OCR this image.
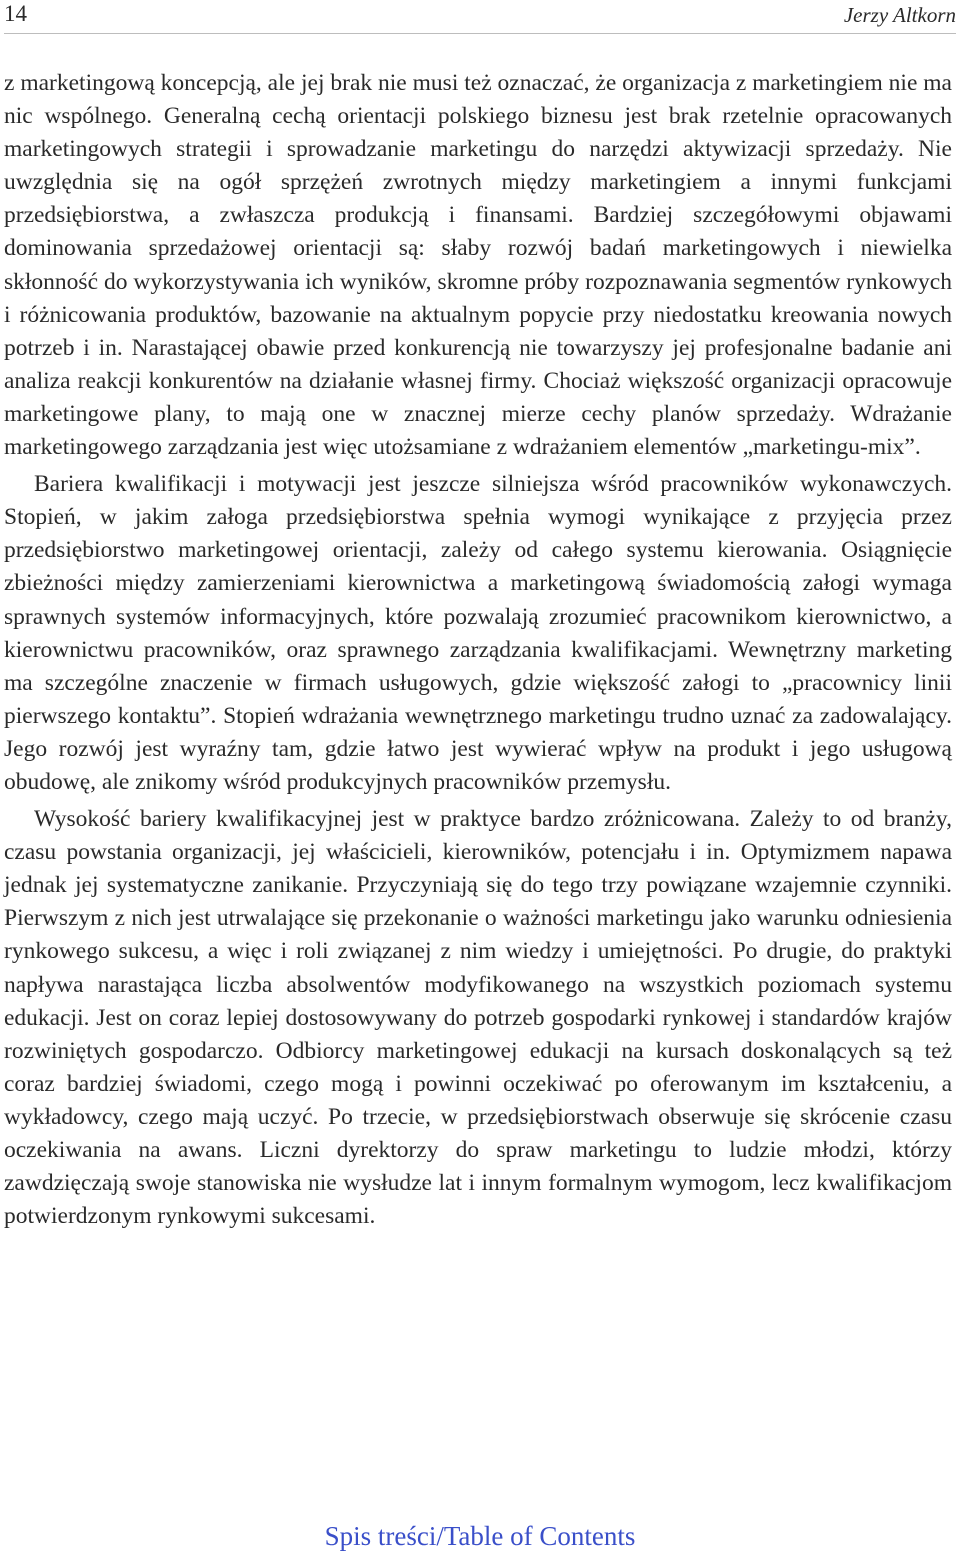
14	Jerzy Altkorn

z marketingową koncepcją, ale jej brak nie musi też oznaczać, że organizacja z marketingiem nie ma nic wspólnego. Generalną cechą orientacji polskiego biznesu jest brak rzetelnie opracowanych marketingowych strategii i sprowadzanie marketingu do narzędzi aktywizacji sprzedaży. Nie uwzględnia się na ogół sprzężeń zwrotnych między marketingiem a innymi funkcjami przedsiębiorstwa, a zwłaszcza produkcją i finansami. Bardziej szczegółowymi objawami dominowania sprzedażowej orientacji są: słaby rozwój badań marketingowych i niewielka skłonność do wykorzystywania ich wyników, skromne próby rozpoznawania segmentów rynkowych i różnicowania produktów, bazowanie na aktualnym popycie przy niedostatku kreowania nowych potrzeb i in. Narastającej obawie przed konkurencją nie towarzyszy jej profesjonalne badanie ani analiza reakcji konkurentów na działanie własnej firmy. Chociaż większość organizacji opracowuje marketingowe plany, to mają one w znacznej mierze cechy planów sprzedaży. Wdrażanie marketingowego zarządzania jest więc utożsamiane z wdrażaniem elementów „marketingu-mix”.

Bariera kwalifikacji i motywacji jest jeszcze silniejsza wśród pracowników wykonawczych. Stopień, w jakim załoga przedsiębiorstwa spełnia wymogi wynikające z przyjęcia przez przedsiębiorstwo marketingowej orientacji, zależy od całego systemu kierowania. Osiągnięcie zbieżności między zamierzeniami kierownictwa a marketingową świadomością załogi wymaga sprawnych systemów informacyjnych, które pozwalają zrozumieć pracownikom kierownictwo, a kierownictwu pracowników, oraz sprawnego zarządzania kwalifikacjami. Wewnętrzny marketing ma szczególne znaczenie w firmach usługowych, gdzie większość załogi to „pracownicy linii pierwszego kontaktu”. Stopień wdrażania wewnętrznego marketingu trudno uznać za zadowalający. Jego rozwój jest wyraźny tam, gdzie łatwo jest wywierać wpływ na produkt i jego usługową obudowę, ale znikomy wśród produkcyjnych pracowników przemysłu.

Wysokość bariery kwalifikacyjnej jest w praktyce bardzo zróżnicowana. Zależy to od branży, czasu powstania organizacji, jej właścicieli, kierowników, potencjału i in. Optymizmem napawa jednak jej systematyczne zanikanie. Przyczyniają się do tego trzy powiązane wzajemnie czynniki. Pierwszym z nich jest utrwalające się przekonanie o ważności marketingu jako warunku odniesienia rynkowego sukcesu, a więc i roli związanej z nim wiedzy i umiejętności. Po drugie, do praktyki napływa narastająca liczba absolwentów modyfikowanego na wszystkich poziomach systemu edukacji. Jest on coraz lepiej dostosowywany do potrzeb gospodarki rynkowej i standardów krajów rozwiniętych gospodarczo. Odbiorcy marketingowej edukacji na kursach doskonalących są też coraz bardziej świadomi, czego mogą i powinni oczekiwać po oferowanym im kształceniu, a wykładowcy, czego mają uczyć. Po trzecie, w przedsiębiorstwach obserwuje się skrócenie czasu oczekiwania na awans. Liczni dyrektorzy do spraw marketingu to ludzie młodzi, którzy zawdzięczają swoje stanowiska nie wysłudze lat i innym formalnym wymogom, lecz kwalifikacjom potwierdzonym rynkowymi sukcesami.

Spis treści/Table of Contents
